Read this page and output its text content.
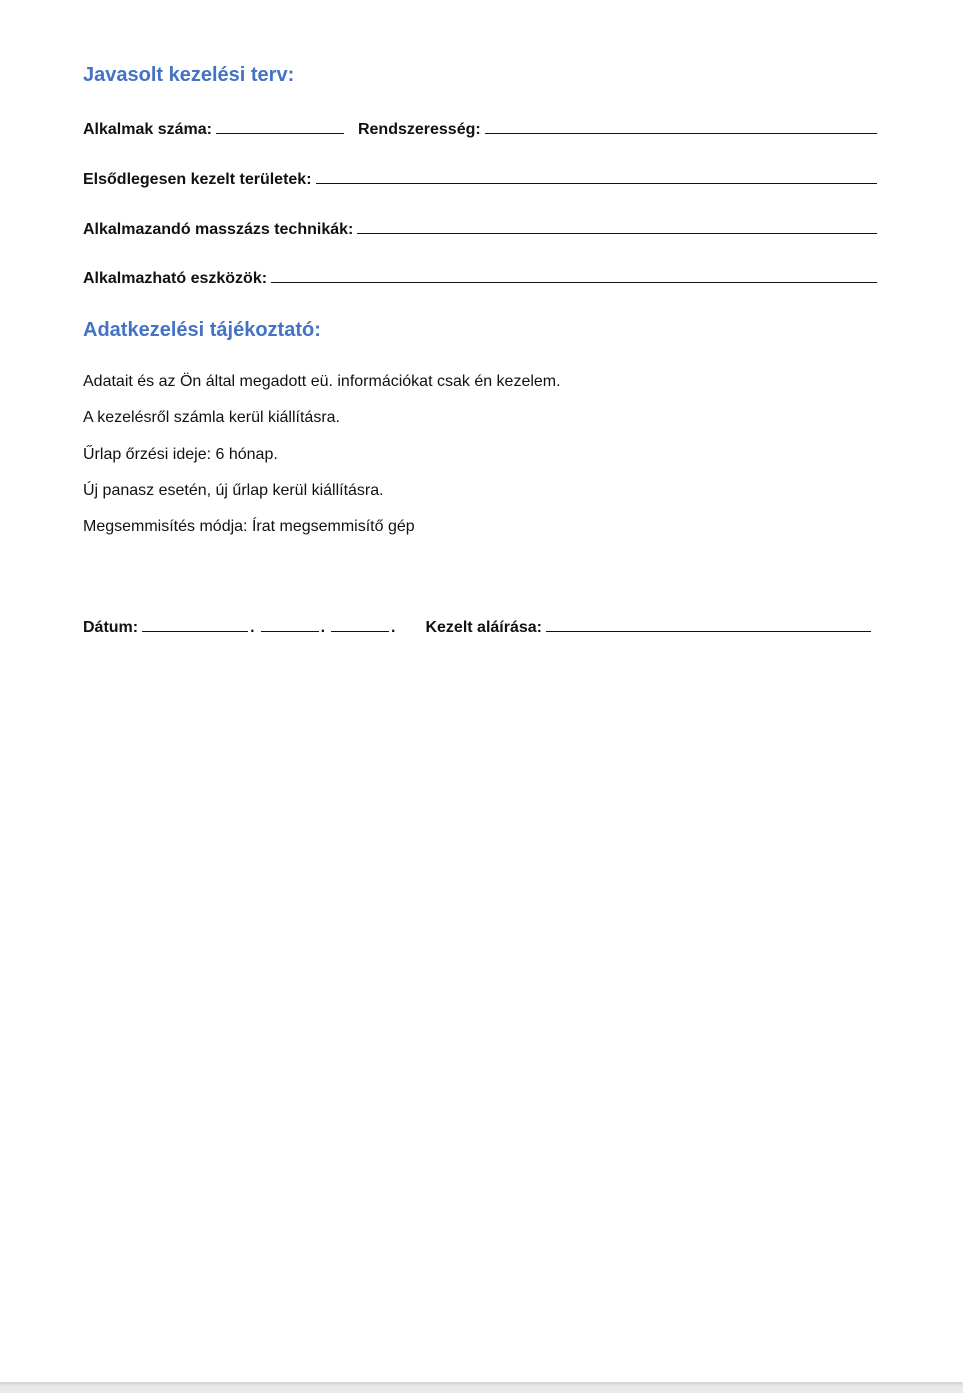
Javasolt kezelési terv:
Alkalmak száma:	Rendszeresség:
Elsődlegesen kezelt területek:
Alkalmazandó masszázs technikák:
Alkalmazható eszközök:
Adatkezelési tájékoztató:

Adatait és az Ön által megadott eü. információkat csak én kezelem.

A kezelésről számla kerül kiállításra.

Űrlap őrzési ideje: 6 hónap.

Új panasz esetén, új űrlap kerül kiállításra.

Megsemmisítés módja: Írat megsemmisítő gép

Dátum:	.	.	. Kezelt aláírása:
